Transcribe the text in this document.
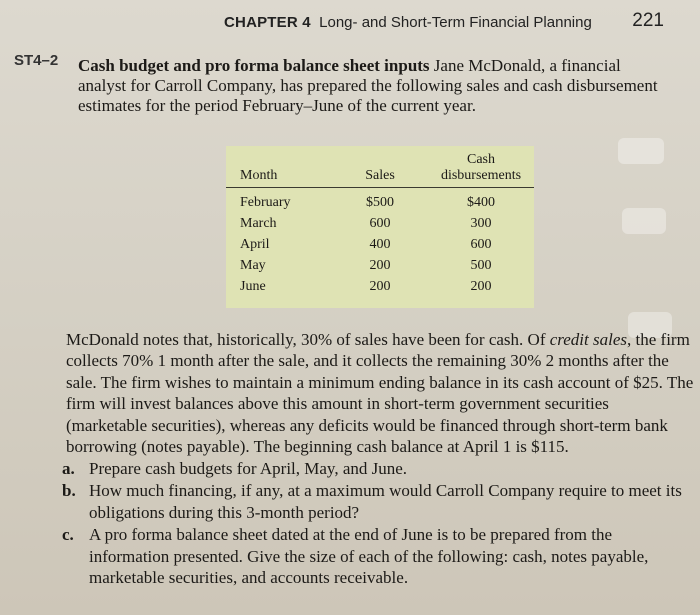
CHAPTER 4 Long- and Short-Term Financial Planning 221
ST4–2 Cash budget and pro forma balance sheet inputs Jane McDonald, a financial analyst for Carroll Company, has prepared the following sales and cash disbursement estimates for the period February–June of the current year.
Month	Sales	Cash
disbursements
February	$500	$400
March	600	300
April	400	600
May	200	500
June	200	200
McDonald notes that, historically, 30% of sales have been for cash. Of credit sales, the firm collects 70% 1 month after the sale, and it collects the remaining 30% 2 months after the sale. The firm wishes to maintain a minimum ending balance in its cash account of $25. The firm will invest balances above this amount in short-term government securities (marketable securities), whereas any deficits would be financed through short-term bank borrowing (notes payable). The beginning cash balance at April 1 is $115.
a. Prepare cash budgets for April, May, and June.
b. How much financing, if any, at a maximum would Carroll Company require to meet its obligations during this 3-month period?
c. A pro forma balance sheet dated at the end of June is to be prepared from the information presented. Give the size of each of the following: cash, notes payable, marketable securities, and accounts receivable.
